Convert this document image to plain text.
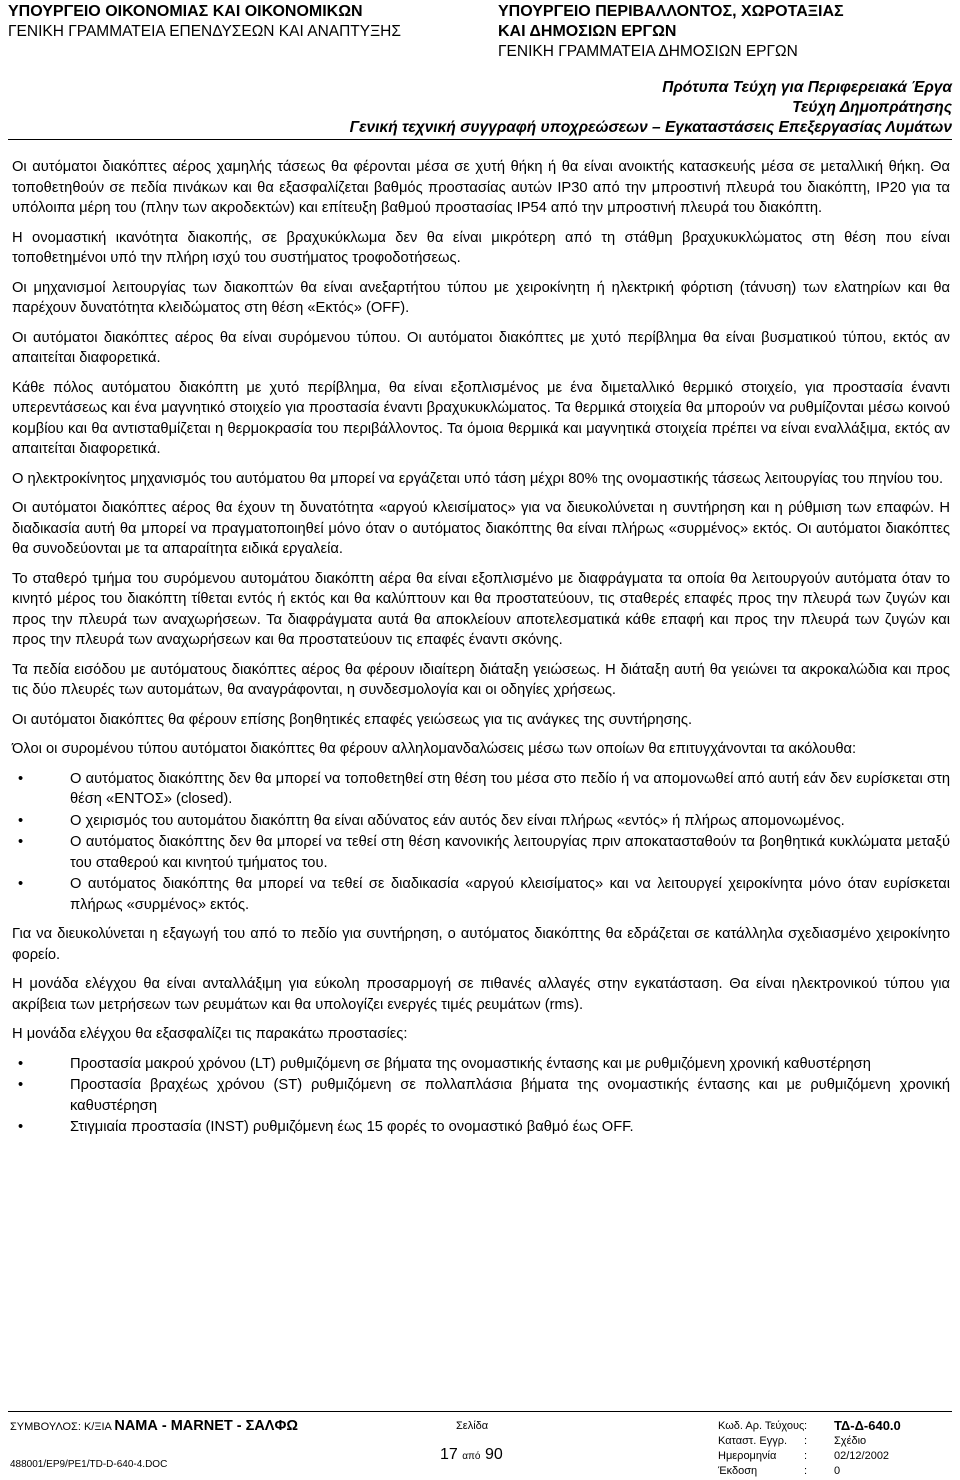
ΥΠΟΥΡΓΕΙΟ ΟΙΚΟΝΟΜΙΑΣ ΚΑΙ ΟΙΚΟΝΟΜΙΚΩΝ
ΓΕΝΙΚΗ ΓΡΑΜΜΑΤΕΙΑ ΕΠΕΝΔΥΣΕΩΝ ΚΑΙ ΑΝΑΠΤΥΞΗΣ
ΥΠΟΥΡΓΕΙΟ ΠΕΡΙΒΑΛΛΟΝΤΟΣ, ΧΩΡΟΤΑΞΙΑΣ
ΚΑΙ ΔΗΜΟΣΙΩΝ ΕΡΓΩΝ
ΓΕΝΙΚΗ ΓΡΑΜΜΑΤΕΙΑ ΔΗΜΟΣΙΩΝ ΕΡΓΩΝ
Πρότυπα Τεύχη για Περιφερειακά Έργα
Τεύχη Δημοπράτησης
Γενική τεχνική συγγραφή υποχρεώσεων – Εγκαταστάσεις Επεξεργασίας Λυμάτων

Οι αυτόματοι διακόπτες αέρος χαμηλής τάσεως θα φέρονται μέσα σε χυτή θήκη ή θα είναι ανοικτής κατασκευής μέσα σε μεταλλική θήκη. Θα τοποθετηθούν σε πεδία πινάκων και θα εξασφαλίζεται βαθμός προστασίας αυτών IP30 από την μπροστινή πλευρά του διακόπτη, IP20 για τα υπόλοιπα μέρη του (πλην των ακροδεκτών) και επίτευξη βαθμού προστασίας IP54 από την μπροστινή πλευρά του διακόπτη.

Η ονομαστική ικανότητα διακοπής, σε βραχυκύκλωμα δεν θα είναι μικρότερη από τη στάθμη βραχυκυκλώματος στη θέση που είναι τοποθετημένοι υπό την πλήρη ισχύ του συστήματος τροφοδοτήσεως.

Οι μηχανισμοί λειτουργίας των διακοπτών θα είναι ανεξαρτήτου τύπου με χειροκίνητη ή ηλεκτρική φόρτιση (τάνυση) των ελατηρίων και θα παρέχουν δυνατότητα κλειδώματος στη θέση «Εκτός» (OFF).

Οι αυτόματοι διακόπτες αέρος θα είναι συρόμενου τύπου. Οι αυτόματοι διακόπτες με χυτό περίβλημα θα είναι βυσματικού τύπου, εκτός αν απαιτείται διαφορετικά.

Κάθε πόλος αυτόματου διακόπτη με χυτό περίβλημα, θα είναι εξοπλισμένος με ένα διμεταλλικό θερμικό στοιχείο, για προστασία έναντι υπερεντάσεως και ένα μαγνητικό στοιχείο για προστασία έναντι βραχυκυκλώματος. Τα θερμικά στοιχεία θα μπορούν να ρυθμίζονται μέσω κοινού κομβίου και θα αντισταθμίζεται η θερμοκρασία του περιβάλλοντος. Τα όμοια θερμικά και μαγνητικά στοιχεία πρέπει να είναι εναλλάξιμα, εκτός αν απαιτείται διαφορετικά.

Ο ηλεκτροκίνητος μηχανισμός του αυτόματου θα μπορεί να εργάζεται υπό τάση μέχρι 80% της ονομαστικής τάσεως λειτουργίας του πηνίου του.

Οι αυτόματοι διακόπτες αέρος θα έχουν τη δυνατότητα «αργού κλεισίματος» για να διευκολύνεται η συντήρηση και η ρύθμιση των επαφών. Η διαδικασία αυτή θα μπορεί να πραγματοποιηθεί μόνο όταν ο αυτόματος διακόπτης θα είναι πλήρως «συρμένος» εκτός. Οι αυτόματοι διακόπτες θα συνοδεύονται με τα απαραίτητα ειδικά εργαλεία.

Το σταθερό τμήμα του συρόμενου αυτομάτου διακόπτη αέρα θα είναι εξοπλισμένο με διαφράγματα τα οποία θα λειτουργούν αυτόματα όταν το κινητό μέρος του διακόπτη τίθεται εντός ή εκτός και θα καλύπτουν και θα προστατεύουν, τις σταθερές επαφές προς την πλευρά των ζυγών και προς την πλευρά των αναχωρήσεων. Τα διαφράγματα αυτά θα αποκλείουν αποτελεσματικά κάθε επαφή και προς την πλευρά των ζυγών και προς την πλευρά των αναχωρήσεων και θα προστατεύουν τις επαφές έναντι σκόνης.

Τα πεδία εισόδου με αυτόματους διακόπτες αέρος θα φέρουν ιδιαίτερη διάταξη γειώσεως. Η διάταξη αυτή θα γειώνει τα ακροκαλώδια και προς τις δύο πλευρές των αυτομάτων, θα αναγράφονται, η συνδεσμολογία και οι οδηγίες χρήσεως.

Οι αυτόματοι διακόπτες θα φέρουν επίσης βοηθητικές επαφές γειώσεως για τις ανάγκες της συντήρησης.

Όλοι οι συρομένου τύπου αυτόματοι διακόπτες θα φέρουν αλληλομανδαλώσεις μέσω των οποίων θα επιτυγχάνονται τα ακόλουθα:

•	Ο αυτόματος διακόπτης δεν θα μπορεί να τοποθετηθεί στη θέση του μέσα στο πεδίο ή να απομονωθεί από αυτή εάν δεν ευρίσκεται στη θέση «ΕΝΤΟΣ» (closed).
•	Ο χειρισμός του αυτομάτου διακόπτη θα είναι αδύνατος εάν αυτός δεν είναι πλήρως «εντός» ή πλήρως απομονωμένος.
•	Ο αυτόματος διακόπτης δεν θα μπορεί να τεθεί στη θέση κανονικής λειτουργίας πριν αποκατασταθούν τα βοηθητικά κυκλώματα μεταξύ του σταθερού και κινητού τμήματος του.
•	Ο αυτόματος διακόπτης θα μπορεί να τεθεί σε διαδικασία «αργού κλεισίματος» και να λειτουργεί χειροκίνητα μόνο όταν ευρίσκεται πλήρως «συρμένος» εκτός.

Για να διευκολύνεται η εξαγωγή του από το πεδίο για συντήρηση, ο αυτόματος διακόπτης θα εδράζεται σε κατάλληλα σχεδιασμένο χειροκίνητο φορείο.

Η μονάδα ελέγχου θα είναι ανταλλάξιμη για εύκολη προσαρμογή σε πιθανές αλλαγές στην εγκατάσταση. Θα είναι ηλεκτρονικού τύπου για ακρίβεια των μετρήσεων των ρευμάτων και θα υπολογίζει ενεργές τιμές ρευμάτων (rms).

Η μονάδα ελέγχου θα εξασφαλίζει τις παρακάτω προστασίες:

•	Προστασία μακρού χρόνου (LT) ρυθμιζόμενη σε βήματα της ονομαστικής έντασης και με ρυθμιζόμενη χρονική καθυστέρηση
•	Προστασία βραχέως χρόνου (ST) ρυθμιζόμενη σε πολλαπλάσια βήματα της ονομαστικής έντασης και με ρυθμιζόμενη χρονική καθυστέρηση
•	Στιγμιαία προστασία (INST) ρυθμιζόμενη έως 15 φορές το ονομαστικό βαθμό έως OFF.
ΣΥΜΒΟΥΛΟΣ: Κ/ΞΙΑ ΝΑΜΑ - MARNET - ΣΑΛΦΩ
488001/EP9/PE1/TD-D-640-4.DOC
Σελίδα
17 από 90
Κωδ. Αρ. Τεύχους :	ΤΔ-Δ-640.0
Καταστ. Εγγρ.	:	Σχέδιο
Ημερομηνία	:	02/12/2002
Έκδοση	:	0
